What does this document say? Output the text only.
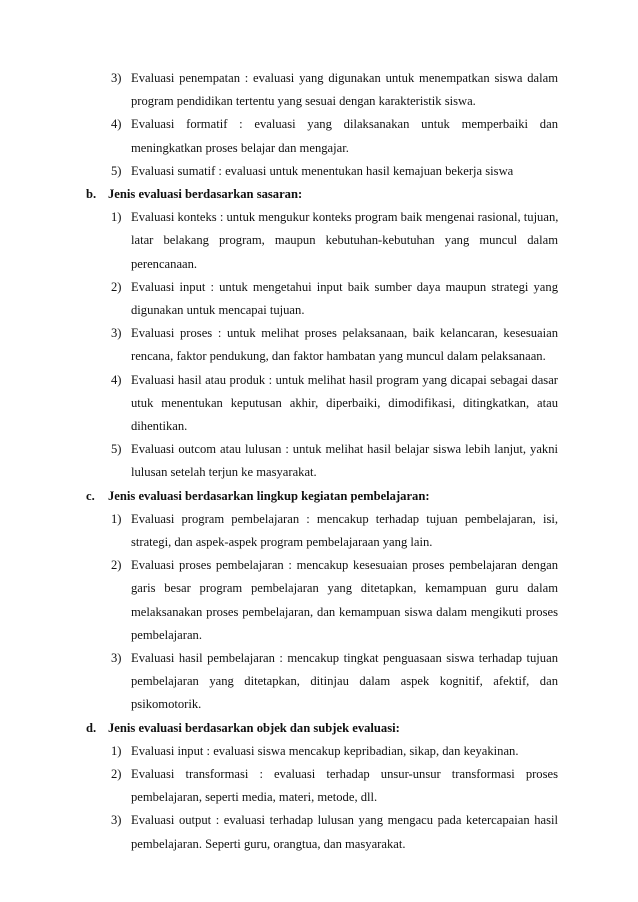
3) Evaluasi penempatan : evaluasi yang digunakan untuk menempatkan siswa dalam
program pendidikan tertentu yang sesuai dengan karakteristik siswa.
4) Evaluasi formatif : evaluasi yang dilaksanakan untuk memperbaiki dan
meningkatkan proses belajar dan mengajar.
5) Evaluasi sumatif : evaluasi untuk menentukan hasil kemajuan bekerja siswa
b. Jenis evaluasi berdasarkan sasaran:
1) Evaluasi konteks : untuk mengukur konteks program baik mengenai rasional, tujuan,
latar belakang program, maupun kebutuhan-kebutuhan yang muncul dalam
perencanaan.
2) Evaluasi input : untuk mengetahui input baik sumber daya maupun strategi yang
digunakan untuk mencapai tujuan.
3) Evaluasi proses : untuk melihat proses pelaksanaan, baik kelancaran, kesesuaian
rencana, faktor pendukung, dan faktor hambatan yang muncul dalam pelaksanaan.
4) Evaluasi hasil atau produk : untuk melihat hasil program yang dicapai sebagai dasar
utuk menentukan keputusan akhir, diperbaiki, dimodifikasi, ditingkatkan, atau
dihentikan.
5) Evaluasi outcom atau lulusan : untuk melihat hasil belajar siswa lebih lanjut, yakni
lulusan setelah terjun ke masyarakat.
c. Jenis evaluasi berdasarkan lingkup kegiatan pembelajaran:
1) Evaluasi program pembelajaran : mencakup terhadap tujuan pembelajaran, isi,
strategi, dan aspek-aspek program pembelajaraan yang lain.
2) Evaluasi proses pembelajaran : mencakup kesesuaian proses pembelajaran dengan
garis besar program pembelajaran yang ditetapkan, kemampuan guru dalam
melaksanakan proses pembelajaran, dan kemampuan siswa dalam mengikuti proses
pembelajaran.
3) Evaluasi hasil pembelajaran : mencakup tingkat penguasaan siswa terhadap tujuan
pembelajaran yang ditetapkan, ditinjau dalam aspek kognitif, afektif, dan
psikomotorik.
d. Jenis evaluasi berdasarkan objek dan subjek evaluasi:
1) Evaluasi input : evaluasi siswa mencakup kepribadian, sikap, dan keyakinan.
2) Evaluasi transformasi : evaluasi terhadap unsur-unsur transformasi proses
pembelajaran, seperti media, materi, metode, dll.
3) Evaluasi output : evaluasi terhadap lulusan yang mengacu pada ketercapaian hasil
pembelajaran. Seperti guru, orangtua, dan masyarakat.
